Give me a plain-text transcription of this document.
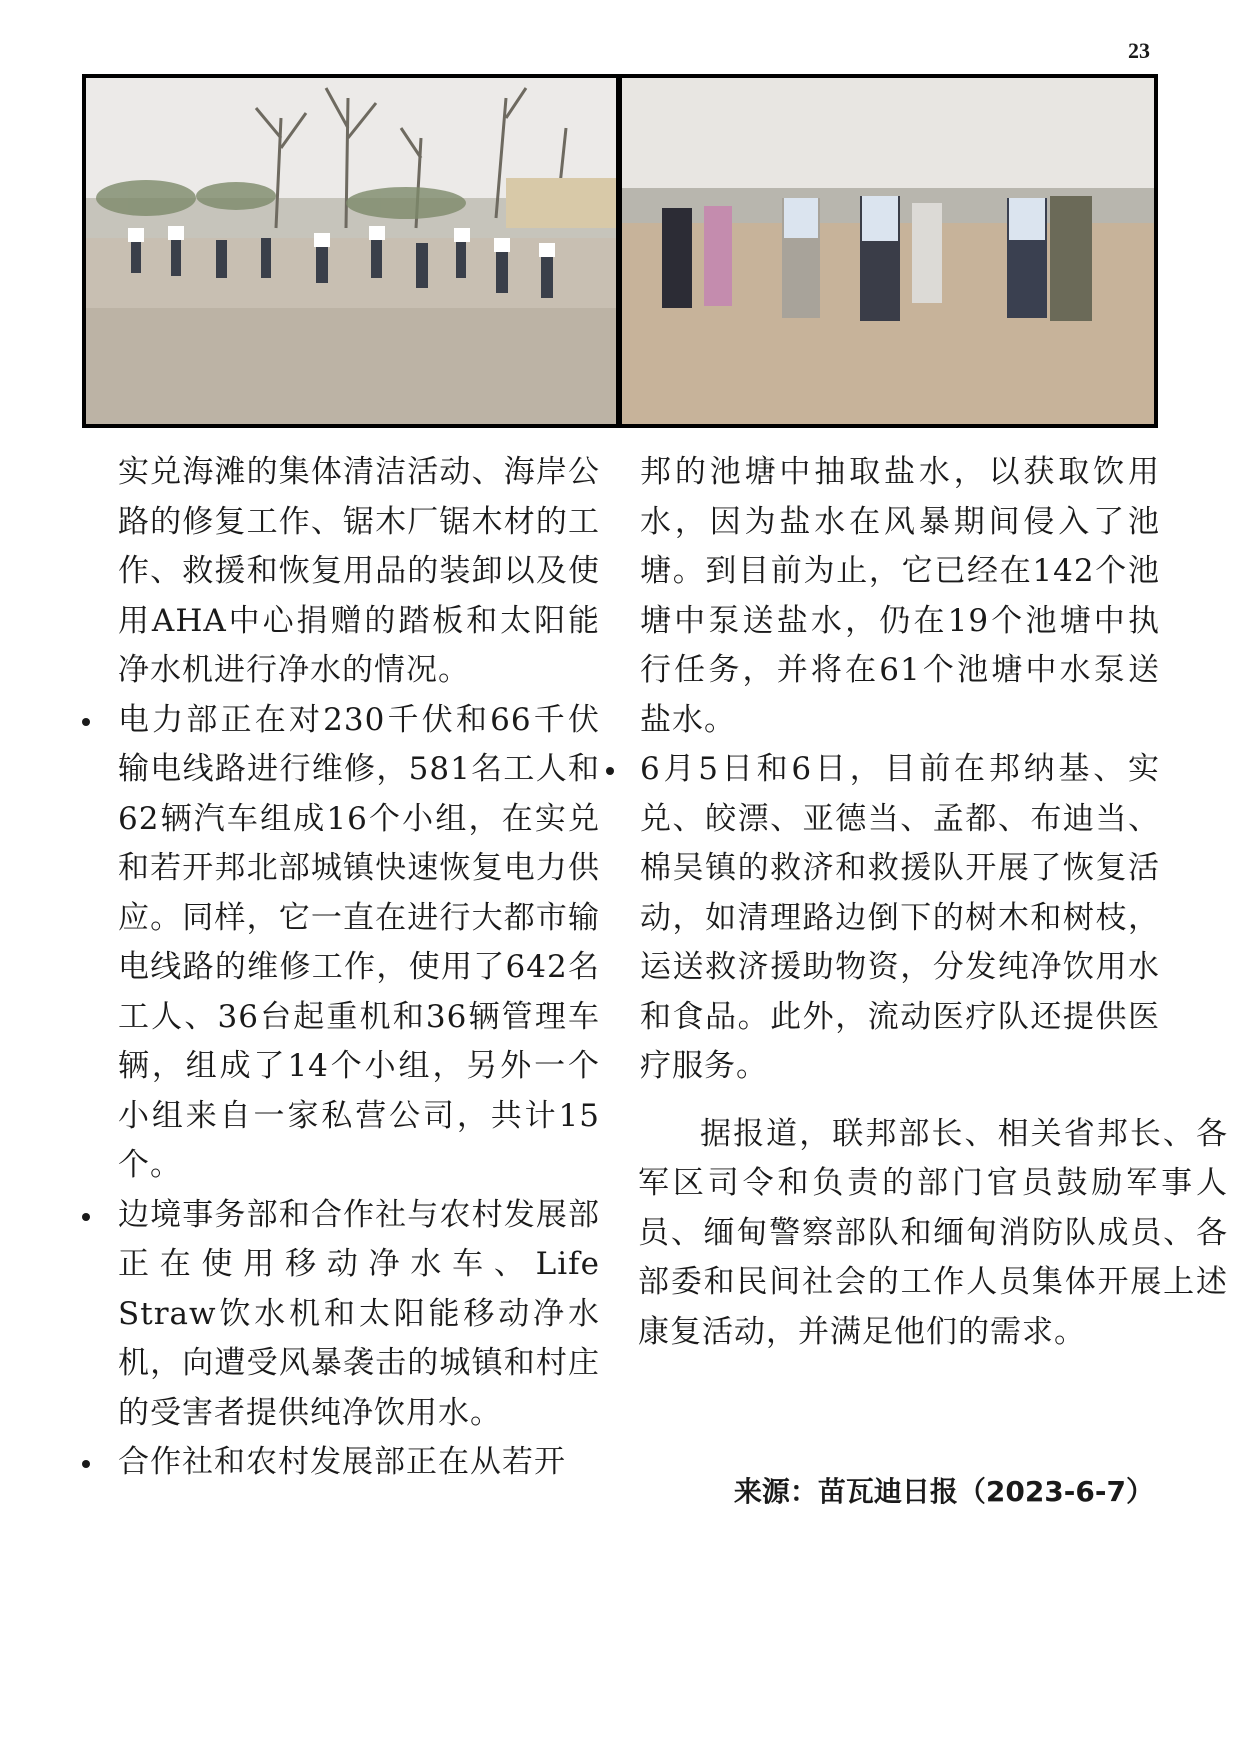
23

实兑海滩的集体清洁活动、海岸公路的修复工作、锯木厂锯木材的工作、救援和恢复用品的装卸以及使用AHA中心捐赠的踏板和太阳能净水机进行净水的情况。

电力部正在对230千伏和66千伏输电线路进行维修，581名工人和62辆汽车组成16个小组，在实兑和若开邦北部城镇快速恢复电力供应。同样，它一直在进行大都市输电线路的维修工作，使用了642名工人、36台起重机和36辆管理车辆，组成了14个小组，另外一个小组来自一家私营公司，共计15个。

边境事务部和合作社与农村发展部正在使用移动净水车、Life Straw饮水机和太阳能移动净水机，向遭受风暴袭击的城镇和村庄的受害者提供纯净饮用水。

合作社和农村发展部正在从若开

邦的池塘中抽取盐水，以获取饮用水，因为盐水在风暴期间侵入了池塘。到目前为止，它已经在142个池塘中泵送盐水，仍在19个池塘中执行任务，并将在61个池塘中水泵送盐水。

6月5日和6日，目前在邦纳基、实兑、皎漂、亚德当、孟都、布迪当、棉吴镇的救济和救援队开展了恢复活动，如清理路边倒下的树木和树枝，运送救济援助物资，分发纯净饮用水和食品。此外，流动医疗队还提供医疗服务。

据报道，联邦部长、相关省邦长、各军区司令和负责的部门官员鼓励军事人员、缅甸警察部队和缅甸消防队成员、各部委和民间社会的工作人员集体开展上述康复活动，并满足他们的需求。

来源：苗瓦迪日报（2023-6-7）
